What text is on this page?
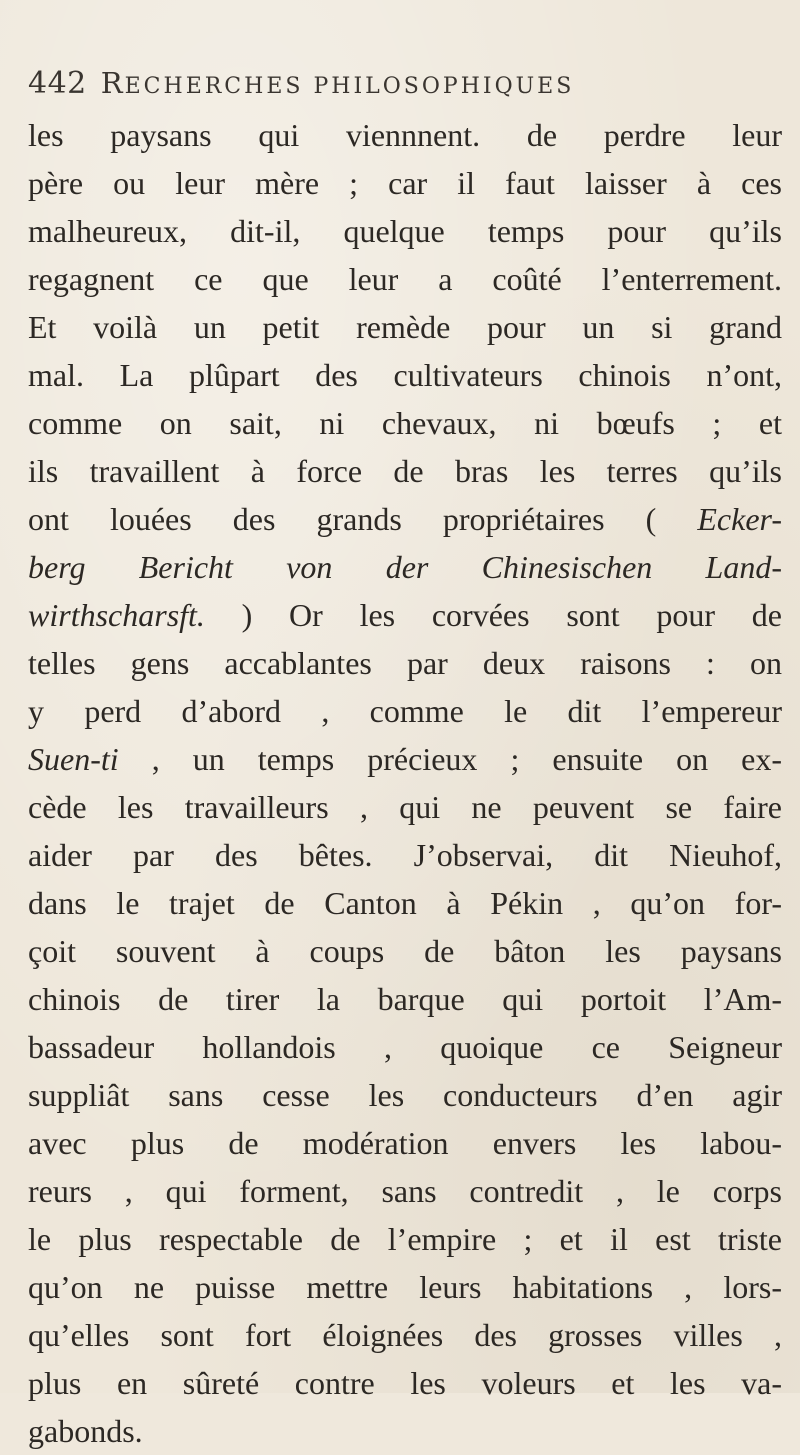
442 RECHERCHES PHILOSOPHIQUES
les paysans qui viennnent. de perdre leur
père ou leur mère ; car il faut laisser à ces
malheureux, dit-il, quelque temps pour qu’ils
regagnent ce que leur a coûté l’enterrement.
Et voilà un petit remède pour un si grand
mal. La plûpart des cultivateurs chinois n’ont,
comme on sait, ni chevaux, ni bœufs ; et
ils travaillent à force de bras les terres qu’ils
ont louées des grands propriétaires ( Ecker-
berg Bericht von der Chinesischen Land-
wirthscharsft. ) Or les corvées sont pour de
telles gens accablantes par deux raisons : on
y perd d’abord , comme le dit l’empereur
Suen-ti , un temps précieux ; ensuite on ex-
cède les travailleurs , qui ne peuvent se faire
aider par des bêtes. J’observai, dit Nieuhof,
dans le trajet de Canton à Pékin , qu’on for-
çoit souvent à coups de bâton les paysans
chinois de tirer la barque qui portoit l’Am-
bassadeur hollandois , quoique ce Seigneur
suppliât sans cesse les conducteurs d’en agir
avec plus de modération envers les labou-
reurs , qui forment, sans contredit , le corps
le plus respectable de l’empire ; et il est triste
qu’on ne puisse mettre leurs habitations , lors-
qu’elles sont fort éloignées des grosses villes ,
plus en sûreté contre les voleurs et les va-
gabonds.
